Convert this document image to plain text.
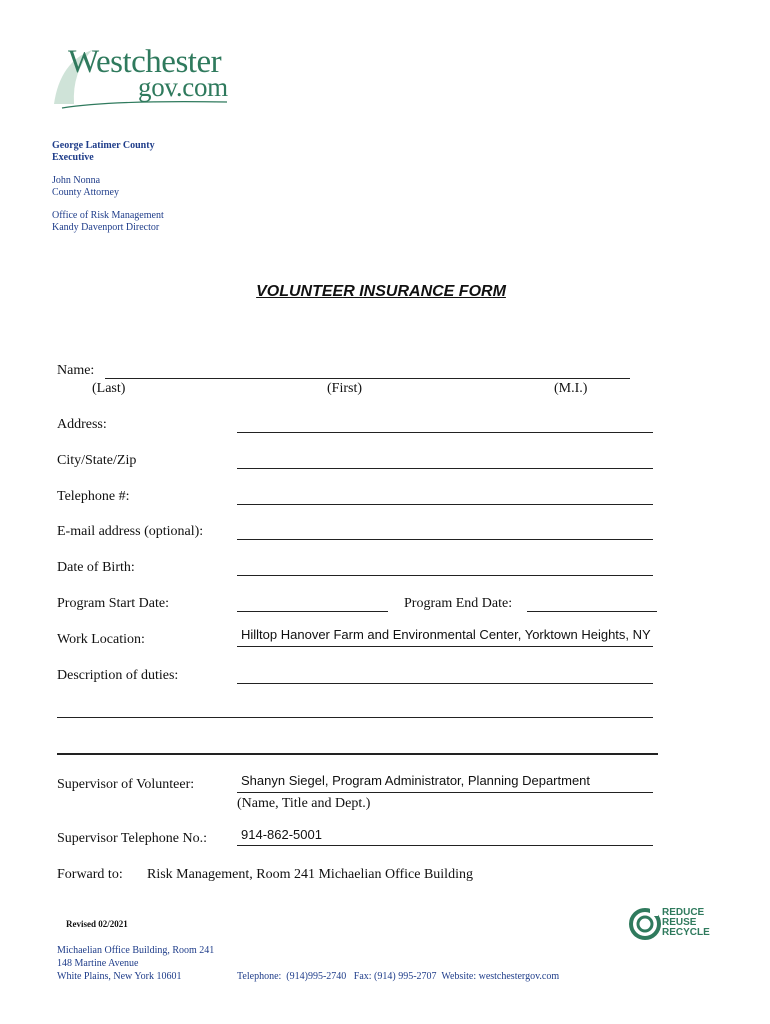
Westchester
gov.com
George Latimer County
Executive
John Nonna
County Attorney
Office of Risk Management
Kandy Davenport Director
VOLUNTEER INSURANCE FORM
Name:
(Last)	(First)	(M.I.)
Address:
City/State/Zip
Telephone #:
E-mail address (optional):
Date of Birth:
Program Start Date:	Program End Date:
Work Location:	Hilltop Hanover Farm and Environmental Center, Yorktown Heights, NY
Description of duties:
Supervisor of Volunteer:	Shanyn Siegel, Program Administrator, Planning Department
(Name, Title and Dept.)
Supervisor Telephone No.:	914-862-5001
Forward to: Risk Management, Room 241 Michaelian Office Building
Revised 02/2021
REDUCE
REUSE
RECYCLE
Michaelian Office Building, Room 241
148 Martine Avenue
White Plains, New York 10601	Telephone:  (914)995-2740   Fax: (914) 995-2707  Website: westchestergov.com
